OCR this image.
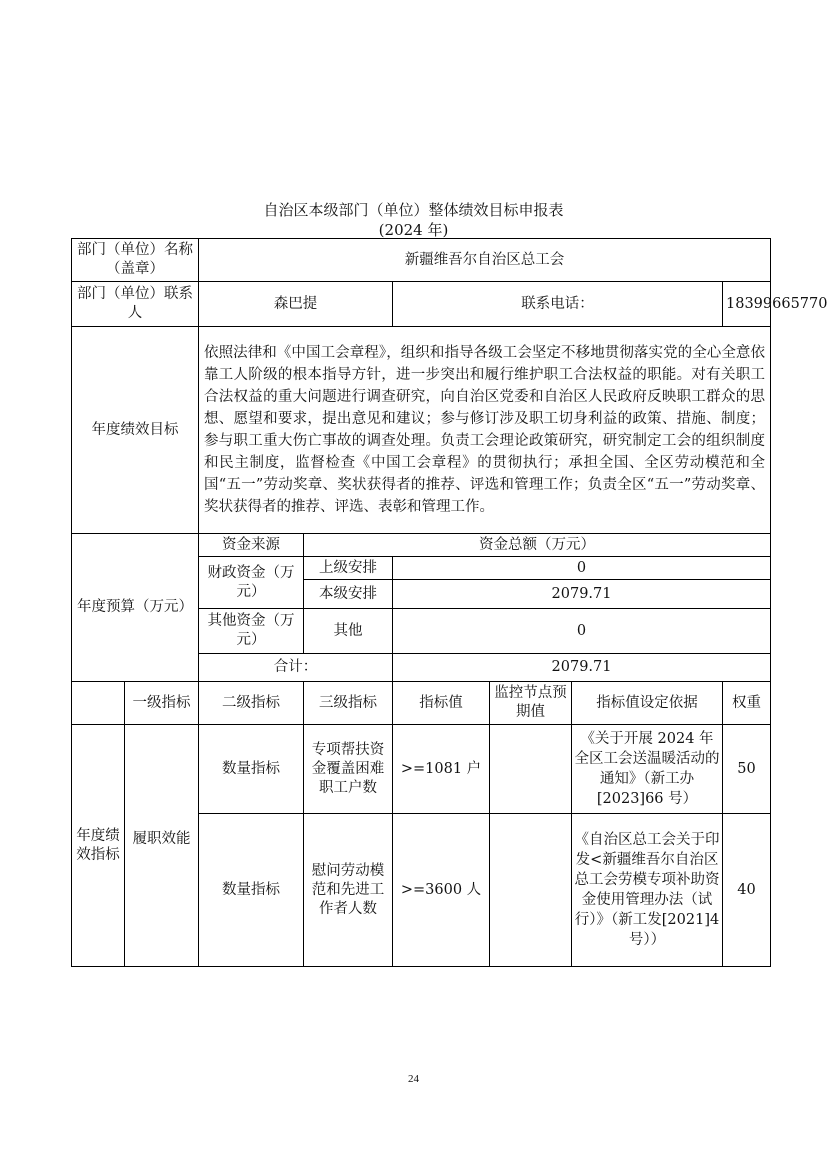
自治区本级部门（单位）整体绩效目标申报表
(2024 年)
部门（单位）名称（盖章）		新疆维吾尔自治区总工会					
部门（单位）联系人		森巴提		联系电话：			18399665770
年度绩效目标		依照法律和《中国工会章程》，组织和指导各级工会坚定不移地贯彻落实党的全心全意依靠工人阶级的根本指导方针，进一步突出和履行维护职工合法权益的职能。对有关职工合法权益的重大问题进行调查研究，向自治区党委和自治区人民政府反映职工群众的思想、愿望和要求，提出意见和建议；参与修订涉及职工切身利益的政策、措施、制度；参与职工重大伤亡事故的调查处理。负责工会理论政策研究，研究制定工会的组织制度和民主制度，监督检查《中国工会章程》的贯彻执行；承担全国、全区劳动模范和全国“五一”劳动奖章、奖状获得者的推荐、评选和管理工作；负责全区“五一”劳动奖章、奖状获得者的推荐、评选、表彰和管理工作。					
年度预算（万元）		资金来源	资金总额（万元）				
		财政资金（万元）	上级安排	0			
			本级安排	2079.71			
		其他资金（万元）	其他	0			
		合计：		2079.71			

	一级指标	二级指标	三级指标	指标值	监控节点预期值	指标值设定依据	权重
年度绩效指标	履职效能	数量指标	专项帮扶资金覆盖困难职工户数	>=1081 户		《关于开展 2024 年全区工会送温暖活动的通知》（新工办[2023]66 号）	50
		数量指标	慰问劳动模范和先进工作者人数	>=3600 人		《自治区总工会关于印发<新疆维吾尔自治区总工会劳模专项补助资金使用管理办法（试行）》（新工发[2021]4 号））	40
24
